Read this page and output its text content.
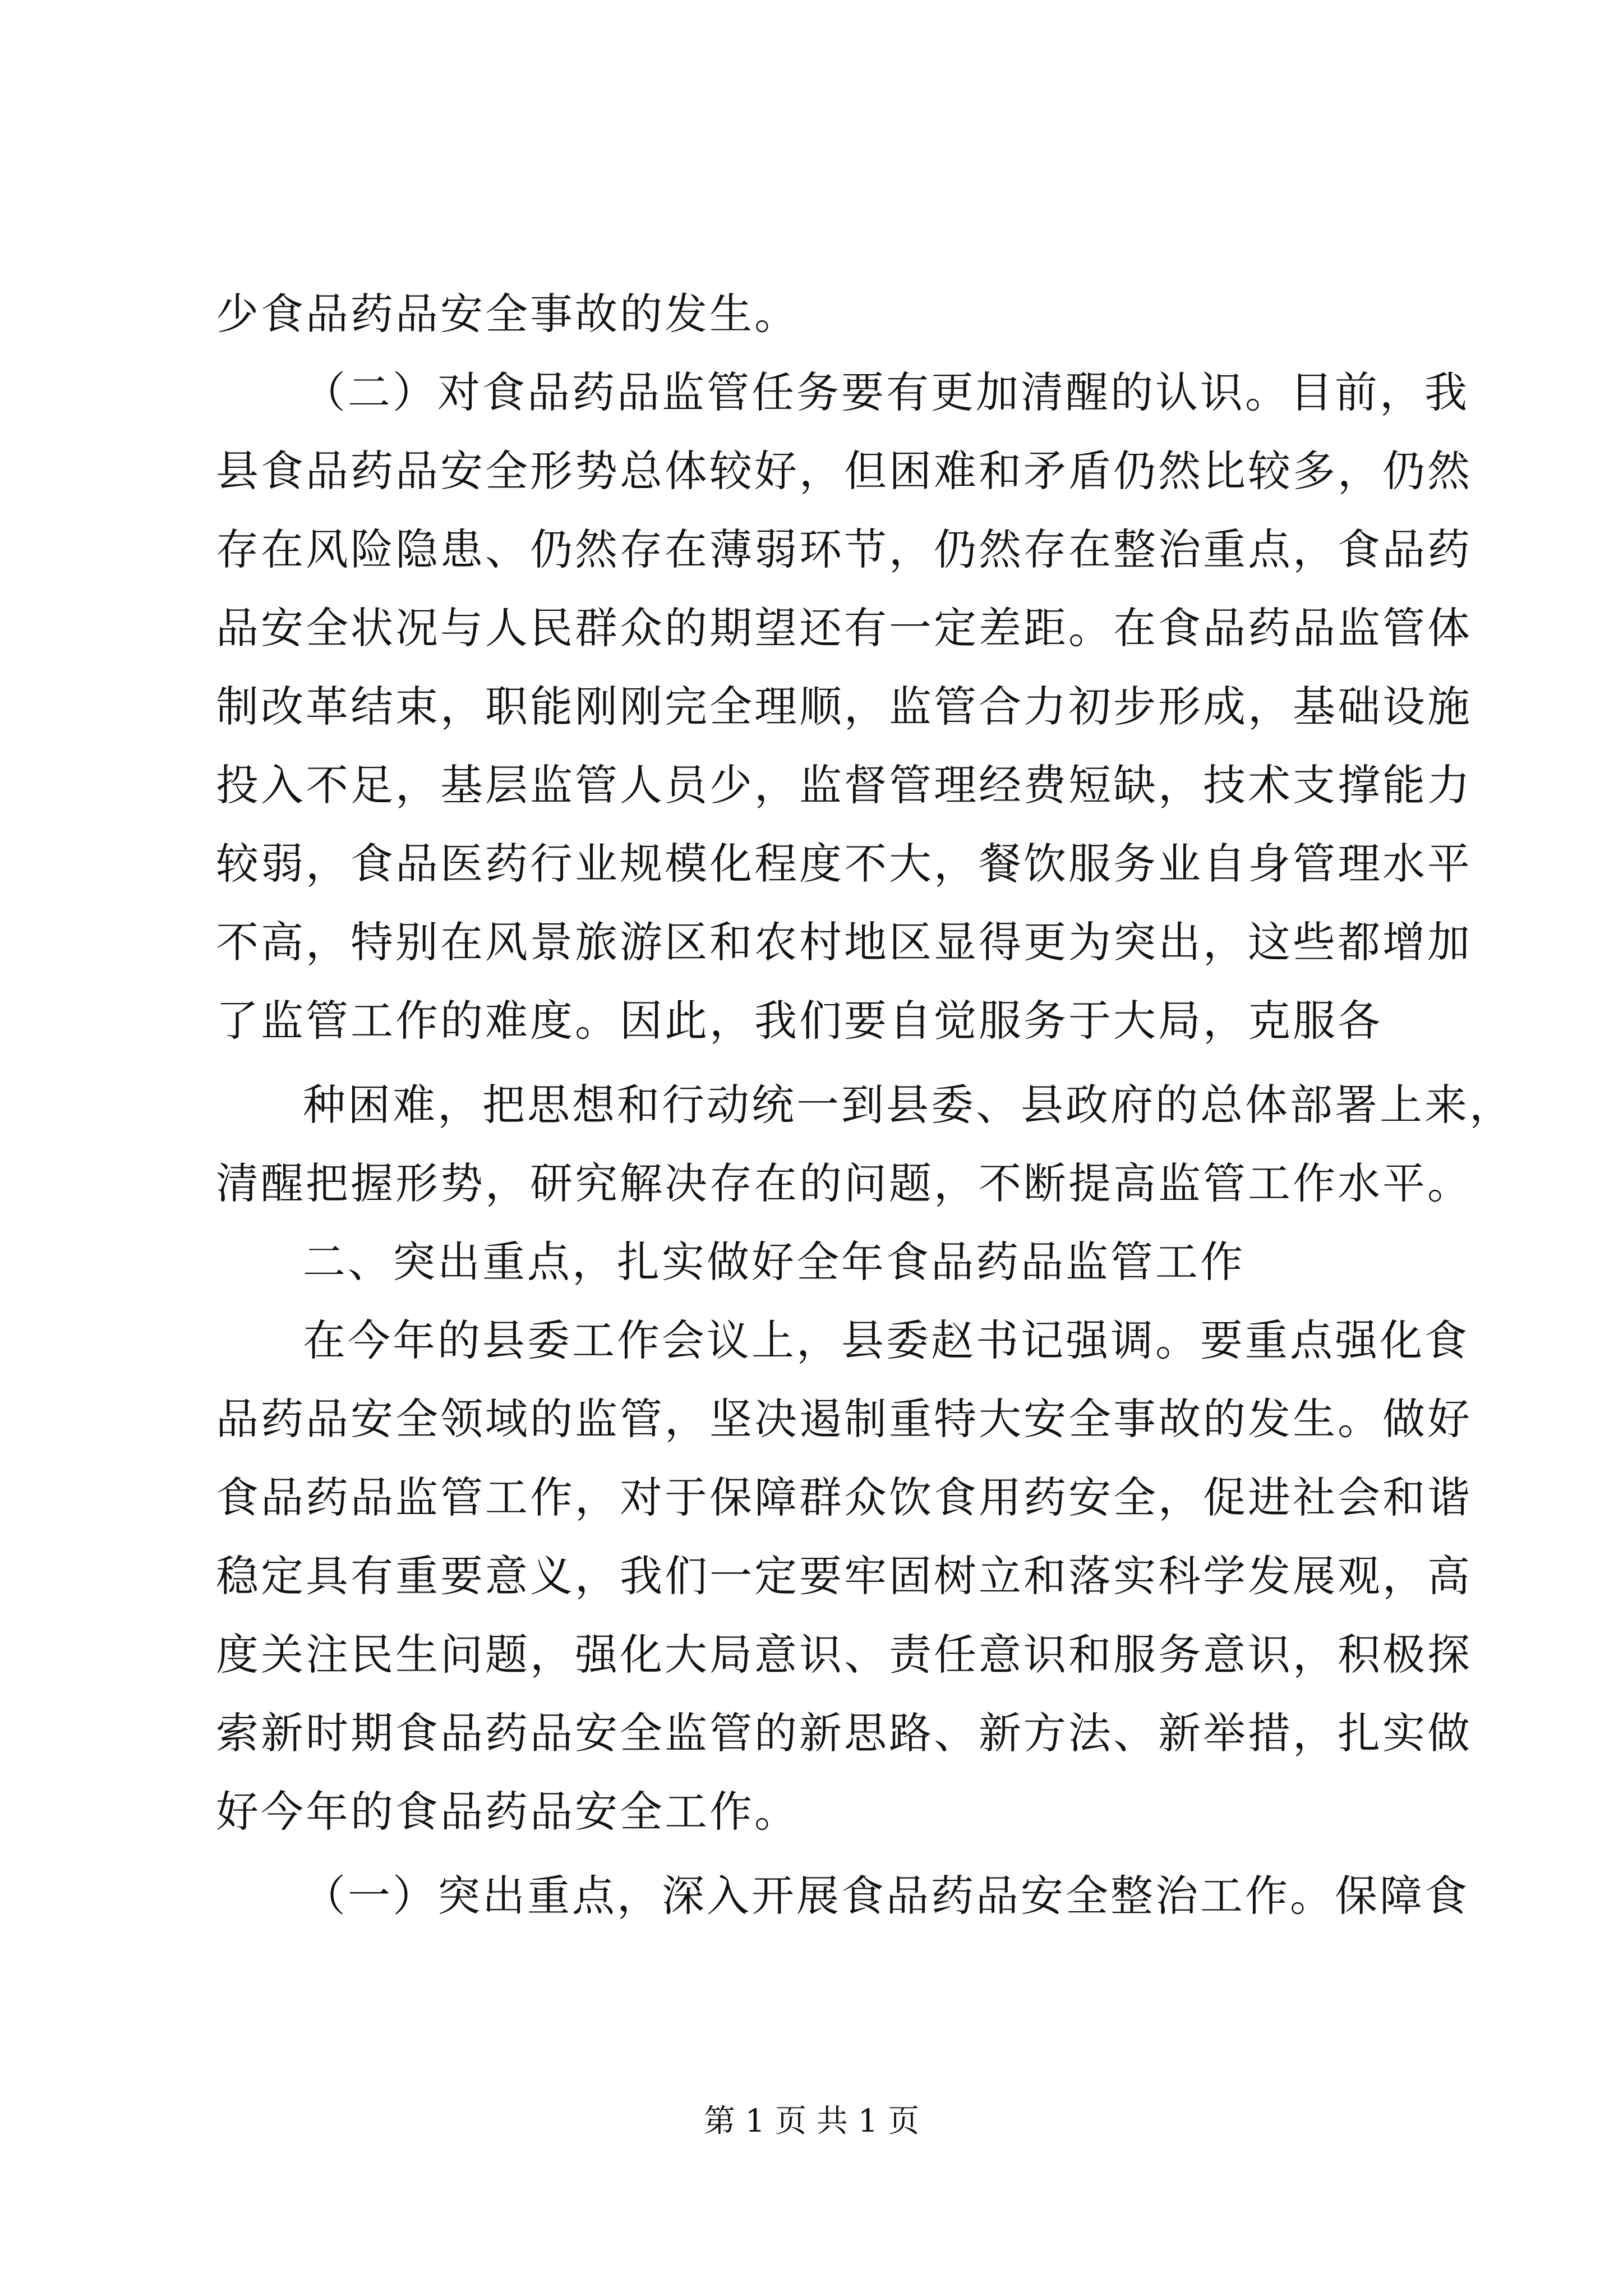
少食品药品安全事故的发生。
（二）对食品药品监管任务要有更加清醒的认识。目前，我
县食品药品安全形势总体较好，但困难和矛盾仍然比较多，仍然
存在风险隐患、仍然存在薄弱环节，仍然存在整治重点，食品药
品安全状况与人民群众的期望还有一定差距。在食品药品监管体
制改革结束，职能刚刚完全理顺，监管合力初步形成，基础设施
投入不足，基层监管人员少，监督管理经费短缺，技术支撑能力
较弱，食品医药行业规模化程度不大，餐饮服务业自身管理水平
不高，特别在风景旅游区和农村地区显得更为突出，这些都增加
了监管工作的难度。因此，我们要自觉服务于大局，克服各
种困难，把思想和行动统一到县委、县政府的总体部署上来，
清醒把握形势，研究解决存在的问题，不断提高监管工作水平。
二、突出重点，扎实做好全年食品药品监管工作
在今年的县委工作会议上，县委赵书记强调。要重点强化食
品药品安全领域的监管，坚决遏制重特大安全事故的发生。做好
食品药品监管工作，对于保障群众饮食用药安全，促进社会和谐
稳定具有重要意义，我们一定要牢固树立和落实科学发展观，高
度关注民生问题，强化大局意识、责任意识和服务意识，积极探
索新时期食品药品安全监管的新思路、新方法、新举措，扎实做
好今年的食品药品安全工作。
（一）突出重点，深入开展食品药品安全整治工作。保障食
第 1 页 共 1 页
